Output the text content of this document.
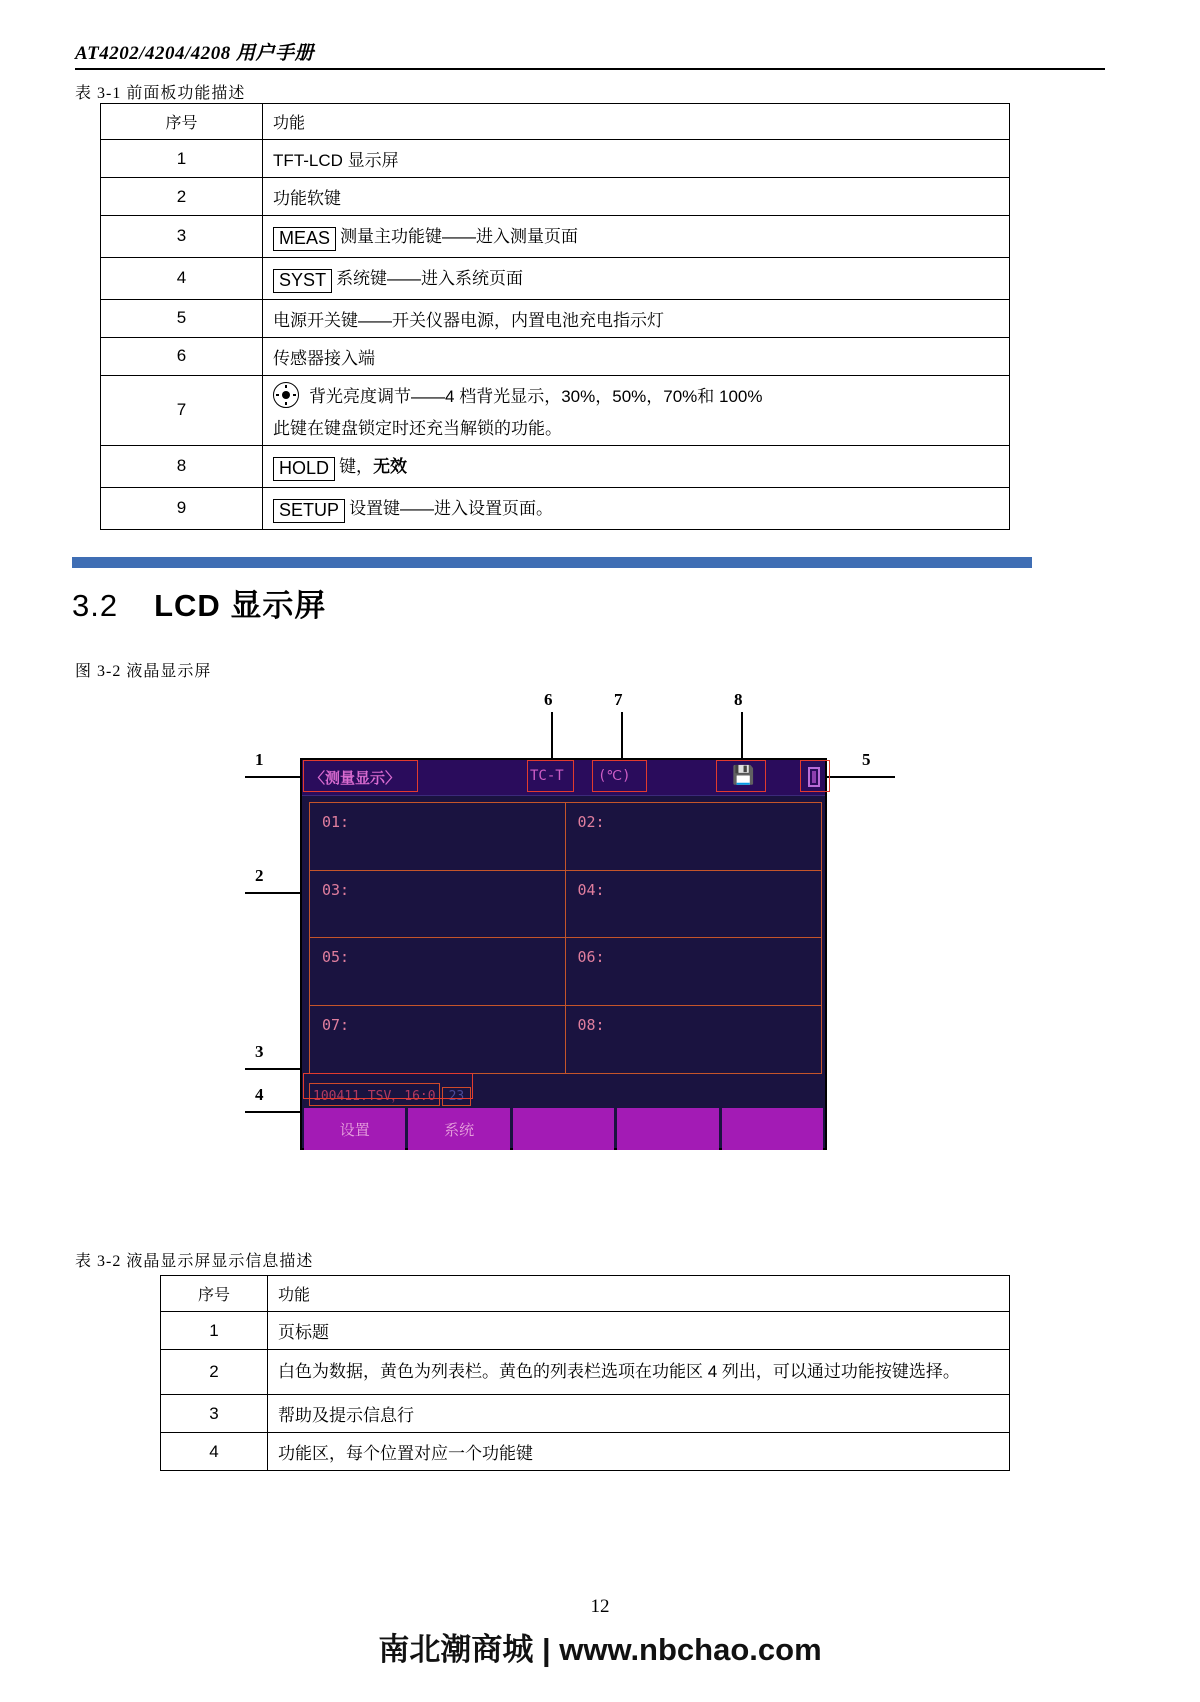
AT4202/4204/4208 用户手册
表 3-1 前面板功能描述
序号	功能
1	TFT-LCD 显示屏
2	功能软键
3	MEAS 测量主功能键——进入测量页面
4	SYST 系统键——进入系统页面
5	电源开关键——开关仪器电源，内置电池充电指示灯
6	传感器接入端
7	背光亮度调节——4 档背光显示，30%，50%，70%和 100%
此键在键盘锁定时还充当解锁的功能。

8	HOLD 键，无效
9	SETUP 设置键——进入设置页面。
3.2 LCD 显示屏
图 3-2 液晶显示屏
6	7	8
1
2
3
4
5
〈测量显示〉	TC-T (℃)	💾
01:	02:
03:	04:
05:	06:
07:	08:
100411.TSV，16:0 23
设置	系统
表 3-2 液晶显示屏显示信息描述
序号	功能
1	页标题
2	白色为数据，黄色为列表栏。黄色的列表栏选项在功能区 4 列出，可以通过功能按键选择。
3	帮助及提示信息行
4	功能区，每个位置对应一个功能键
12
南北潮商城 | www.nbchao.com
